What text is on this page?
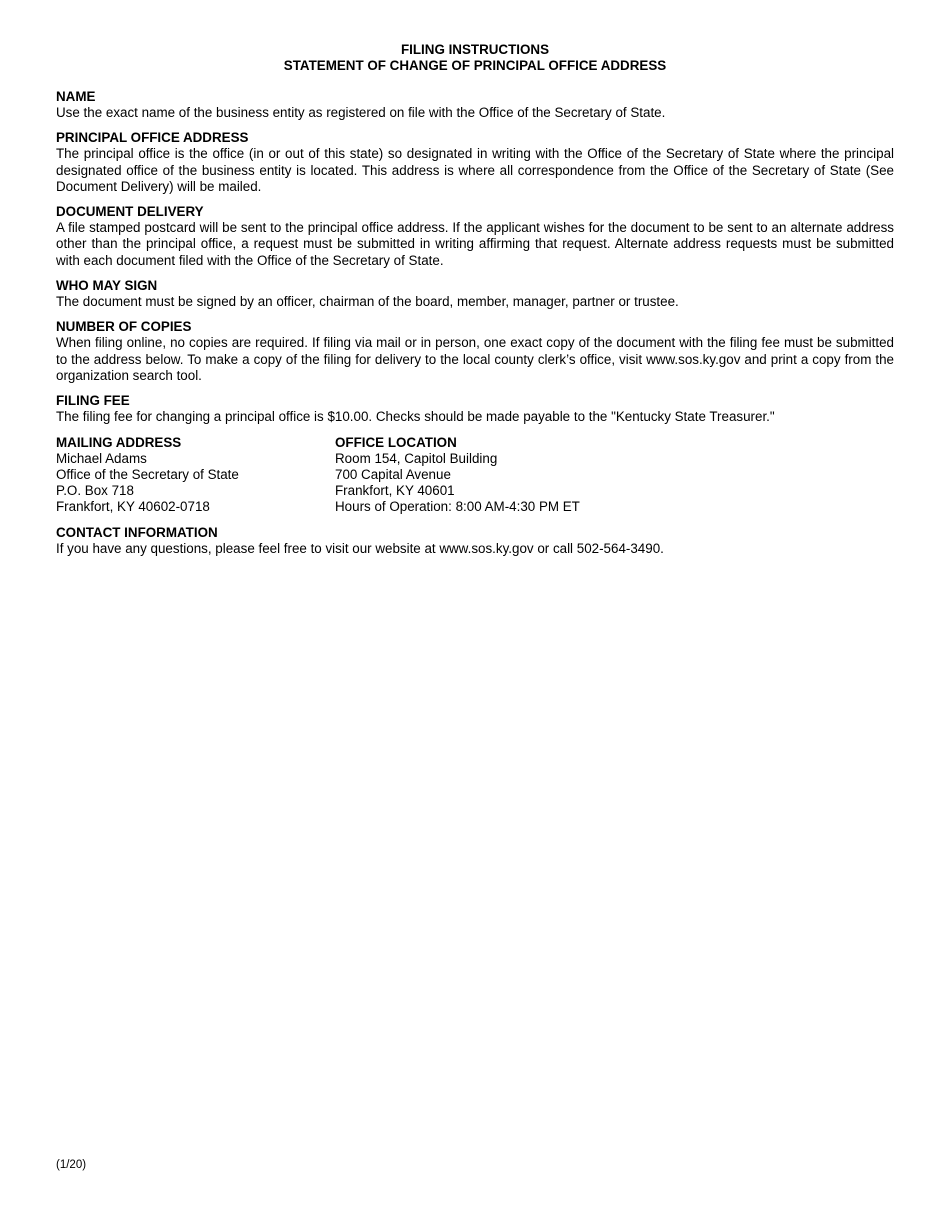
FILING INSTRUCTIONS
STATEMENT OF CHANGE OF PRINCIPAL OFFICE ADDRESS
NAME
Use the exact name of the business entity as registered on file with the Office of the Secretary of State.
PRINCIPAL OFFICE ADDRESS
The principal office is the office (in or out of this state) so designated in writing with the Office of the Secretary of State where the principal designated office of the business entity is located. This address is where all correspondence from the Office of the Secretary of State (See Document Delivery) will be mailed.
DOCUMENT DELIVERY
A file stamped postcard will be sent to the principal office address. If the applicant wishes for the document to be sent to an alternate address other than the principal office, a request must be submitted in writing affirming that request. Alternate address requests must be submitted with each document filed with the Office of the Secretary of State.
WHO MAY SIGN
The document must be signed by an officer, chairman of the board, member, manager, partner or trustee.
NUMBER OF COPIES
When filing online, no copies are required. If filing via mail or in person, one exact copy of the document with the filing fee must be submitted to the address below. To make a copy of the filing for delivery to the local county clerk’s office, visit www.sos.ky.gov and print a copy from the organization search tool.
FILING FEE
The filing fee for changing a principal office is $10.00. Checks should be made payable to the "Kentucky State Treasurer."
MAILING ADDRESS
Michael Adams
Office of the Secretary of State
P.O. Box 718
Frankfort, KY 40602-0718
OFFICE LOCATION
Room 154, Capitol Building
700 Capital Avenue
Frankfort, KY 40601
Hours of Operation: 8:00 AM-4:30 PM ET
CONTACT INFORMATION
If you have any questions, please feel free to visit our website at www.sos.ky.gov or call 502-564-3490.
(1/20)
